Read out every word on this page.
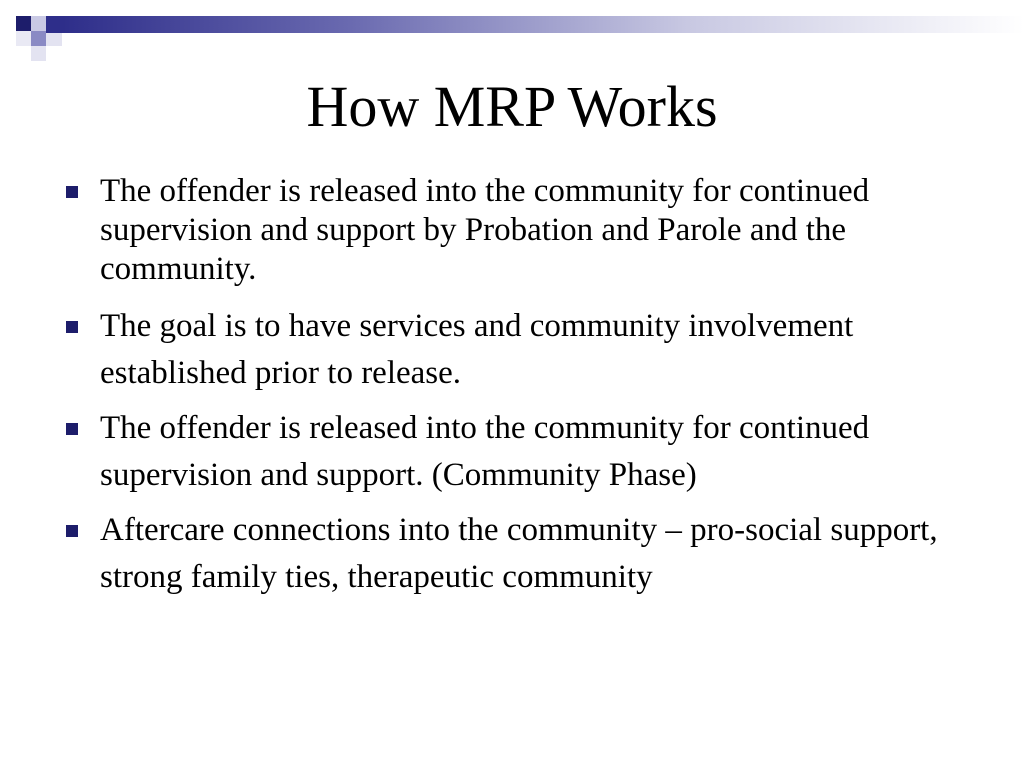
How MRP Works
The offender is released into the community for continued supervision and support by Probation and Parole and the community.
The goal is to have services and community involvement established prior to release.
The offender is released into the community for continued supervision and support. (Community Phase)
Aftercare connections into the community – pro-social support, strong family ties, therapeutic community
